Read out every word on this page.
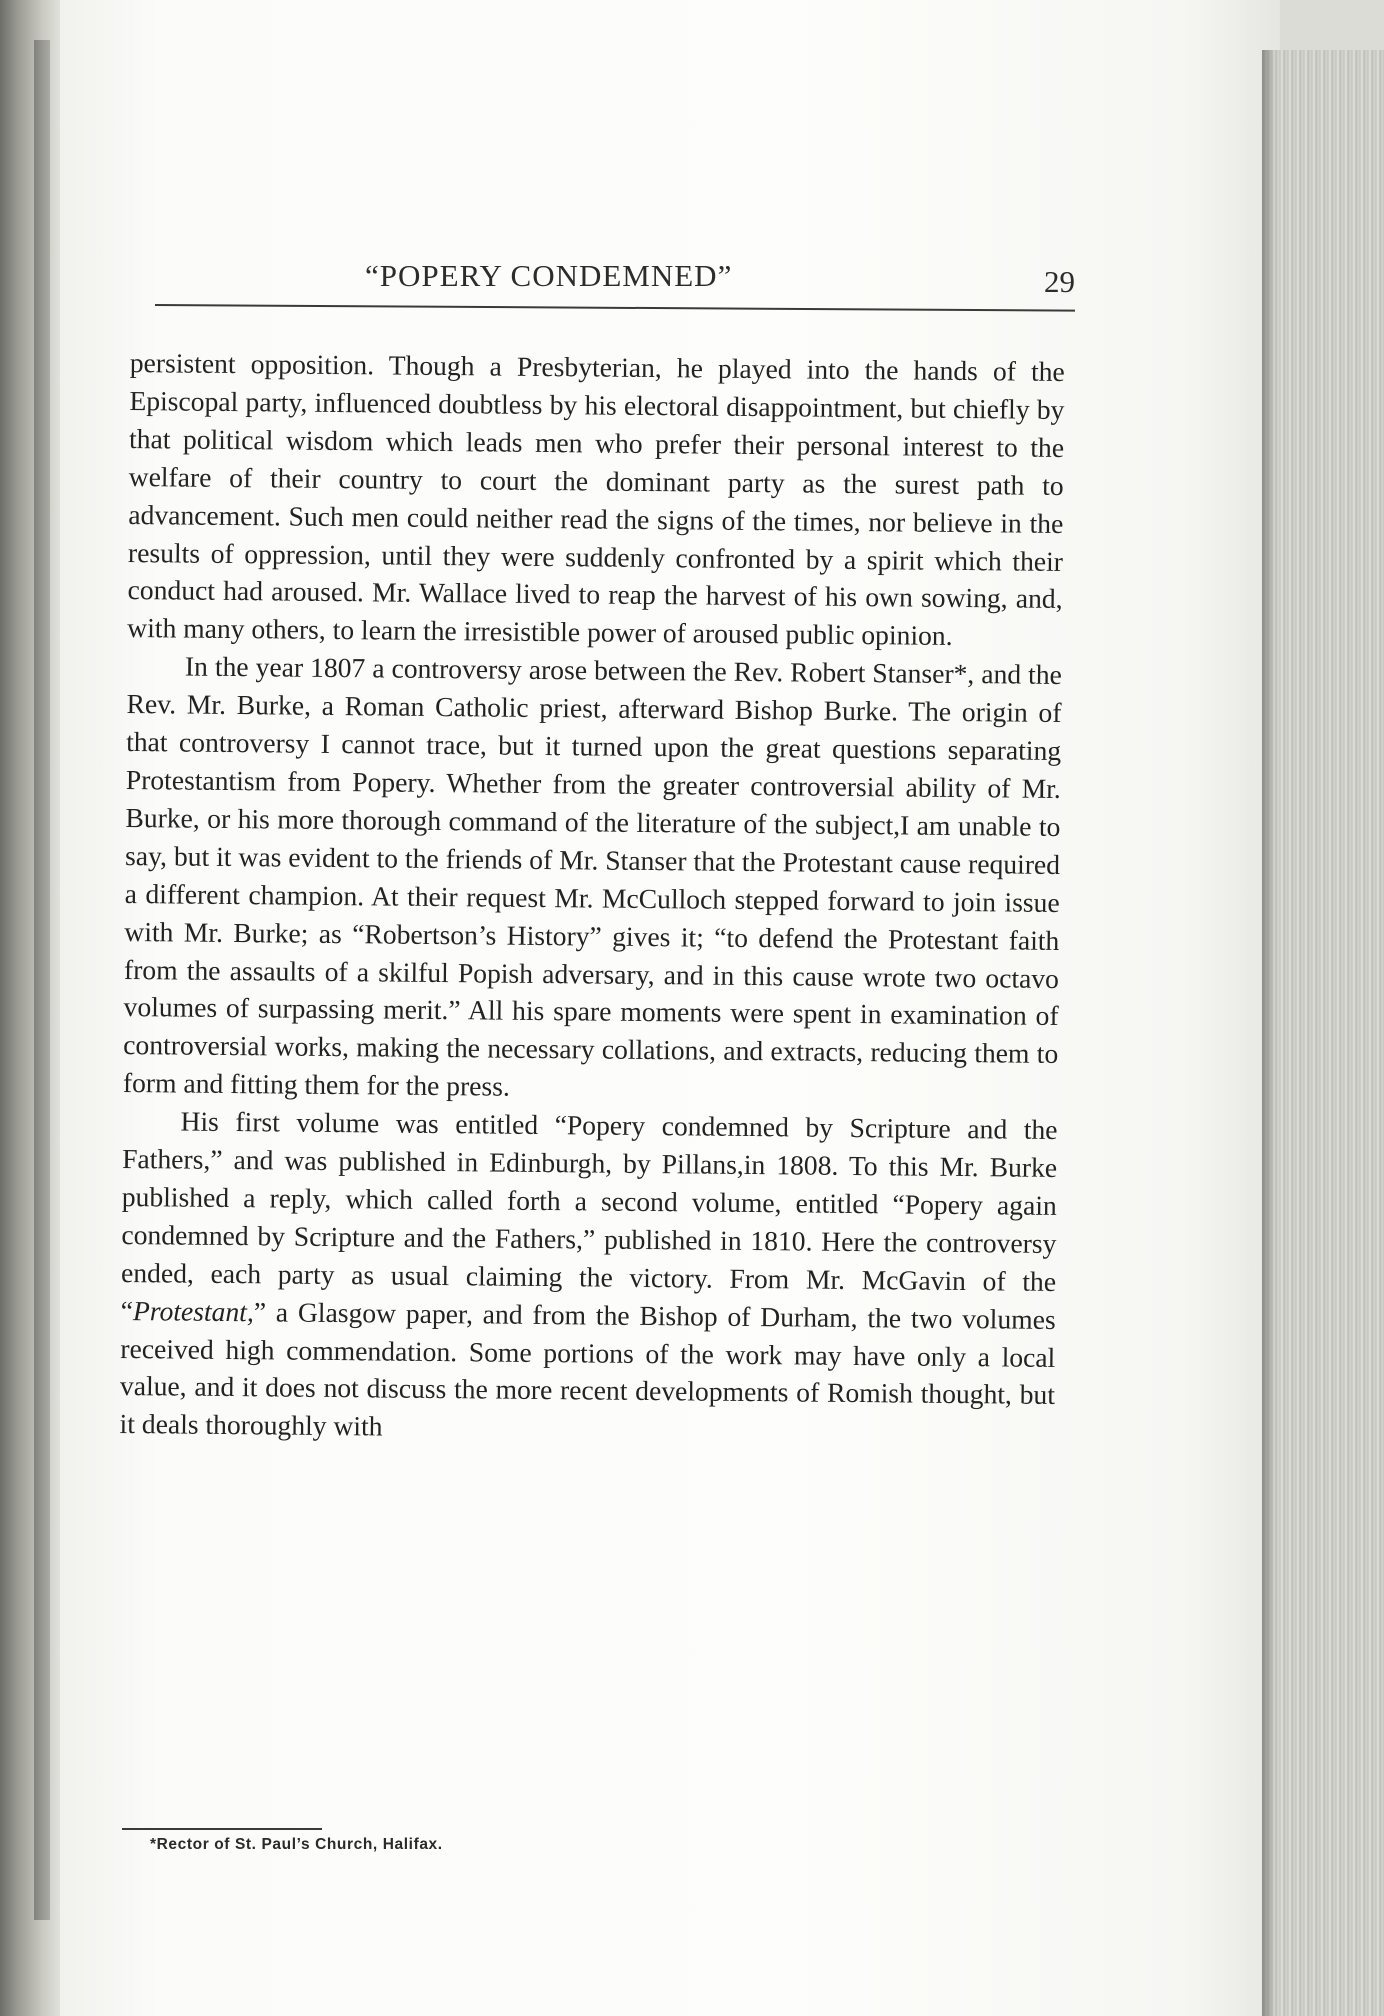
“POPERY CONDEMNED”	29

persistent opposition. Though a Presbyterian, he played into the hands of the Episcopal party, influenced doubtless by his electoral disappointment, but chiefly by that political wisdom which leads men who prefer their personal interest to the welfare of their country to court the dominant party as the surest path to advancement. Such men could neither read the signs of the times, nor believe in the results of oppression, until they were suddenly confronted by a spirit which their conduct had aroused. Mr. Wallace lived to reap the harvest of his own sowing, and, with many others, to learn the irresistible power of aroused public opinion.

In the year 1807 a controversy arose between the Rev. Robert Stanser*, and the Rev. Mr. Burke, a Roman Catholic priest, afterward Bishop Burke. The origin of that controversy I cannot trace, but it turned upon the great questions separating Protestantism from Popery. Whether from the greater controversial ability of Mr. Burke, or his more thorough command of the literature of the subject,I am unable to say, but it was evident to the friends of Mr. Stanser that the Protestant cause required a different champion. At their request Mr. McCulloch stepped forward to join issue with Mr. Burke; as “Robertson’s History” gives it; “to defend the Protestant faith from the assaults of a skilful Popish adversary, and in this cause wrote two octavo volumes of surpassing merit.” All his spare moments were spent in examination of controversial works, making the necessary collations, and extracts, reducing them to form and fitting them for the press.

His first volume was entitled “Popery condemned by Scripture and the Fathers,” and was published in Edinburgh, by Pillans,in 1808. To this Mr. Burke published a reply, which called forth a second volume, entitled “Popery again condemned by Scripture and the Fathers,” published in 1810. Here the controversy ended, each party as usual claiming the victory. From Mr. McGavin of the “Protestant,” a Glasgow paper, and from the Bishop of Durham, the two volumes received high commendation. Some portions of the work may have only a local value, and it does not discuss the more recent developments of Romish thought, but it deals thoroughly with

*Rector of St. Paul’s Church, Halifax.
